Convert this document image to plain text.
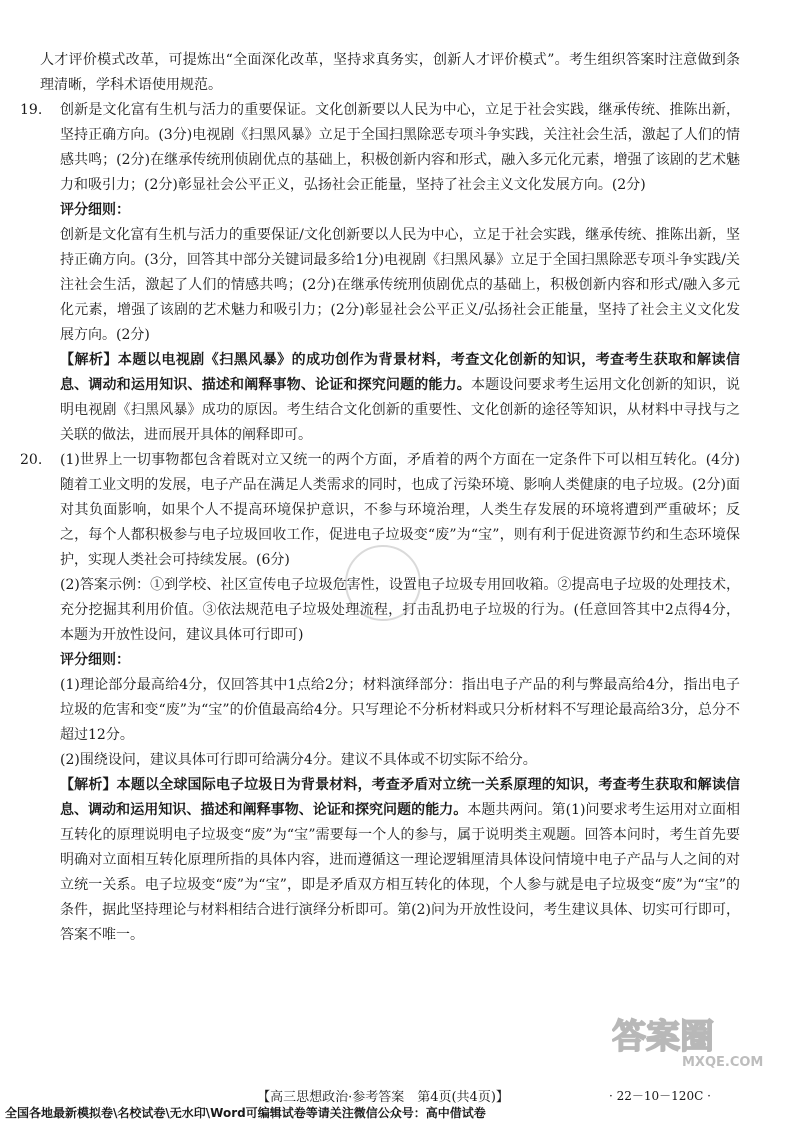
人才评价模式改革，可提炼出“全面深化改革，坚持求真务实，创新人才评价模式”。考生组织答案时注意做到条理清晰，学科术语使用规范。

19.	创新是文化富有生机与活力的重要保证。文化创新要以人民为中心，立足于社会实践，继承传统、推陈出新，坚持正确方向。(3分)电视剧《扫黑风暴》立足于全国扫黑除恶专项斗争实践，关注社会生活，激起了人们的情感共鸣；(2分)在继承传统刑侦剧优点的基础上，积极创新内容和形式，融入多元化元素，增强了该剧的艺术魅力和吸引力；(2分)彰显社会公平正义，弘扬社会正能量，坚持了社会主义文化发展方向。(2分)

评分细则：

创新是文化富有生机与活力的重要保证/文化创新要以人民为中心，立足于社会实践，继承传统、推陈出新，坚持正确方向。(3分，回答其中部分关键词最多给1分)电视剧《扫黑风暴》立足于全国扫黑除恶专项斗争实践/关注社会生活，激起了人们的情感共鸣；(2分)在继承传统刑侦剧优点的基础上，积极创新内容和形式/融入多元化元素，增强了该剧的艺术魅力和吸引力；(2分)彰显社会公平正义/弘扬社会正能量，坚持了社会主义文化发展方向。(2分)

【解析】本题以电视剧《扫黑风暴》的成功创作为背景材料，考查文化创新的知识，考查考生获取和解读信息、调动和运用知识、描述和阐释事物、论证和探究问题的能力。本题设问要求考生运用文化创新的知识，说明电视剧《扫黑风暴》成功的原因。考生结合文化创新的重要性、文化创新的途径等知识，从材料中寻找与之关联的做法，进而展开具体的阐释即可。

20.	(1)世界上一切事物都包含着既对立又统一的两个方面，矛盾着的两个方面在一定条件下可以相互转化。(4分)随着工业文明的发展，电子产品在满足人类需求的同时，也成了污染环境、影响人类健康的电子垃圾。(2分)面对其负面影响，如果个人不提高环境保护意识，不参与环境治理，人类生存发展的环境将遭到严重破坏；反之，每个人都积极参与电子垃圾回收工作，促进电子垃圾变“废”为“宝”，则有利于促进资源节约和生态环境保护，实现人类社会可持续发展。(6分)

(2)答案示例：①到学校、社区宣传电子垃圾危害性，设置电子垃圾专用回收箱。②提高电子垃圾的处理技术，充分挖掘其利用价值。③依法规范电子垃圾处理流程，打击乱扔电子垃圾的行为。(任意回答其中2点得4分，本题为开放性设问，建议具体可行即可)

评分细则：

(1)理论部分最高给4分，仅回答其中1点给2分；材料演绎部分：指出电子产品的利与弊最高给4分，指出电子垃圾的危害和变“废”为“宝”的价值最高给4分。只写理论不分析材料或只分析材料不写理论最高给3分，总分不超过12分。

(2)围绕设问，建议具体可行即可给满分4分。建议不具体或不切实际不给分。

【解析】本题以全球国际电子垃圾日为背景材料，考查矛盾对立统一关系原理的知识，考查考生获取和解读信息、调动和运用知识、描述和阐释事物、论证和探究问题的能力。本题共两问。第(1)问要求考生运用对立面相互转化的原理说明电子垃圾变“废”为“宝”需要每一个人的参与，属于说明类主观题。回答本问时，考生首先要明确对立面相互转化原理所指的具体内容，进而遵循这一理论逻辑厘清具体设问情境中电子产品与人之间的对立统一关系。电子垃圾变“废”为“宝”，即是矛盾双方相互转化的体现，个人参与就是电子垃圾变“废”为“宝”的条件，据此坚持理论与材料相结合进行演绎分析即可。第(2)问为开放性设问，考生建议具体、切实可行即可，答案不唯一。

答案圈
MXQE.COM
【高三思想政治·参考答案　第4页(共4页)】	· 22－10－120C ·
全国各地最新模拟卷\名校试卷\无水印\Word可编辑试卷等请关注微信公众号：高中借试卷
